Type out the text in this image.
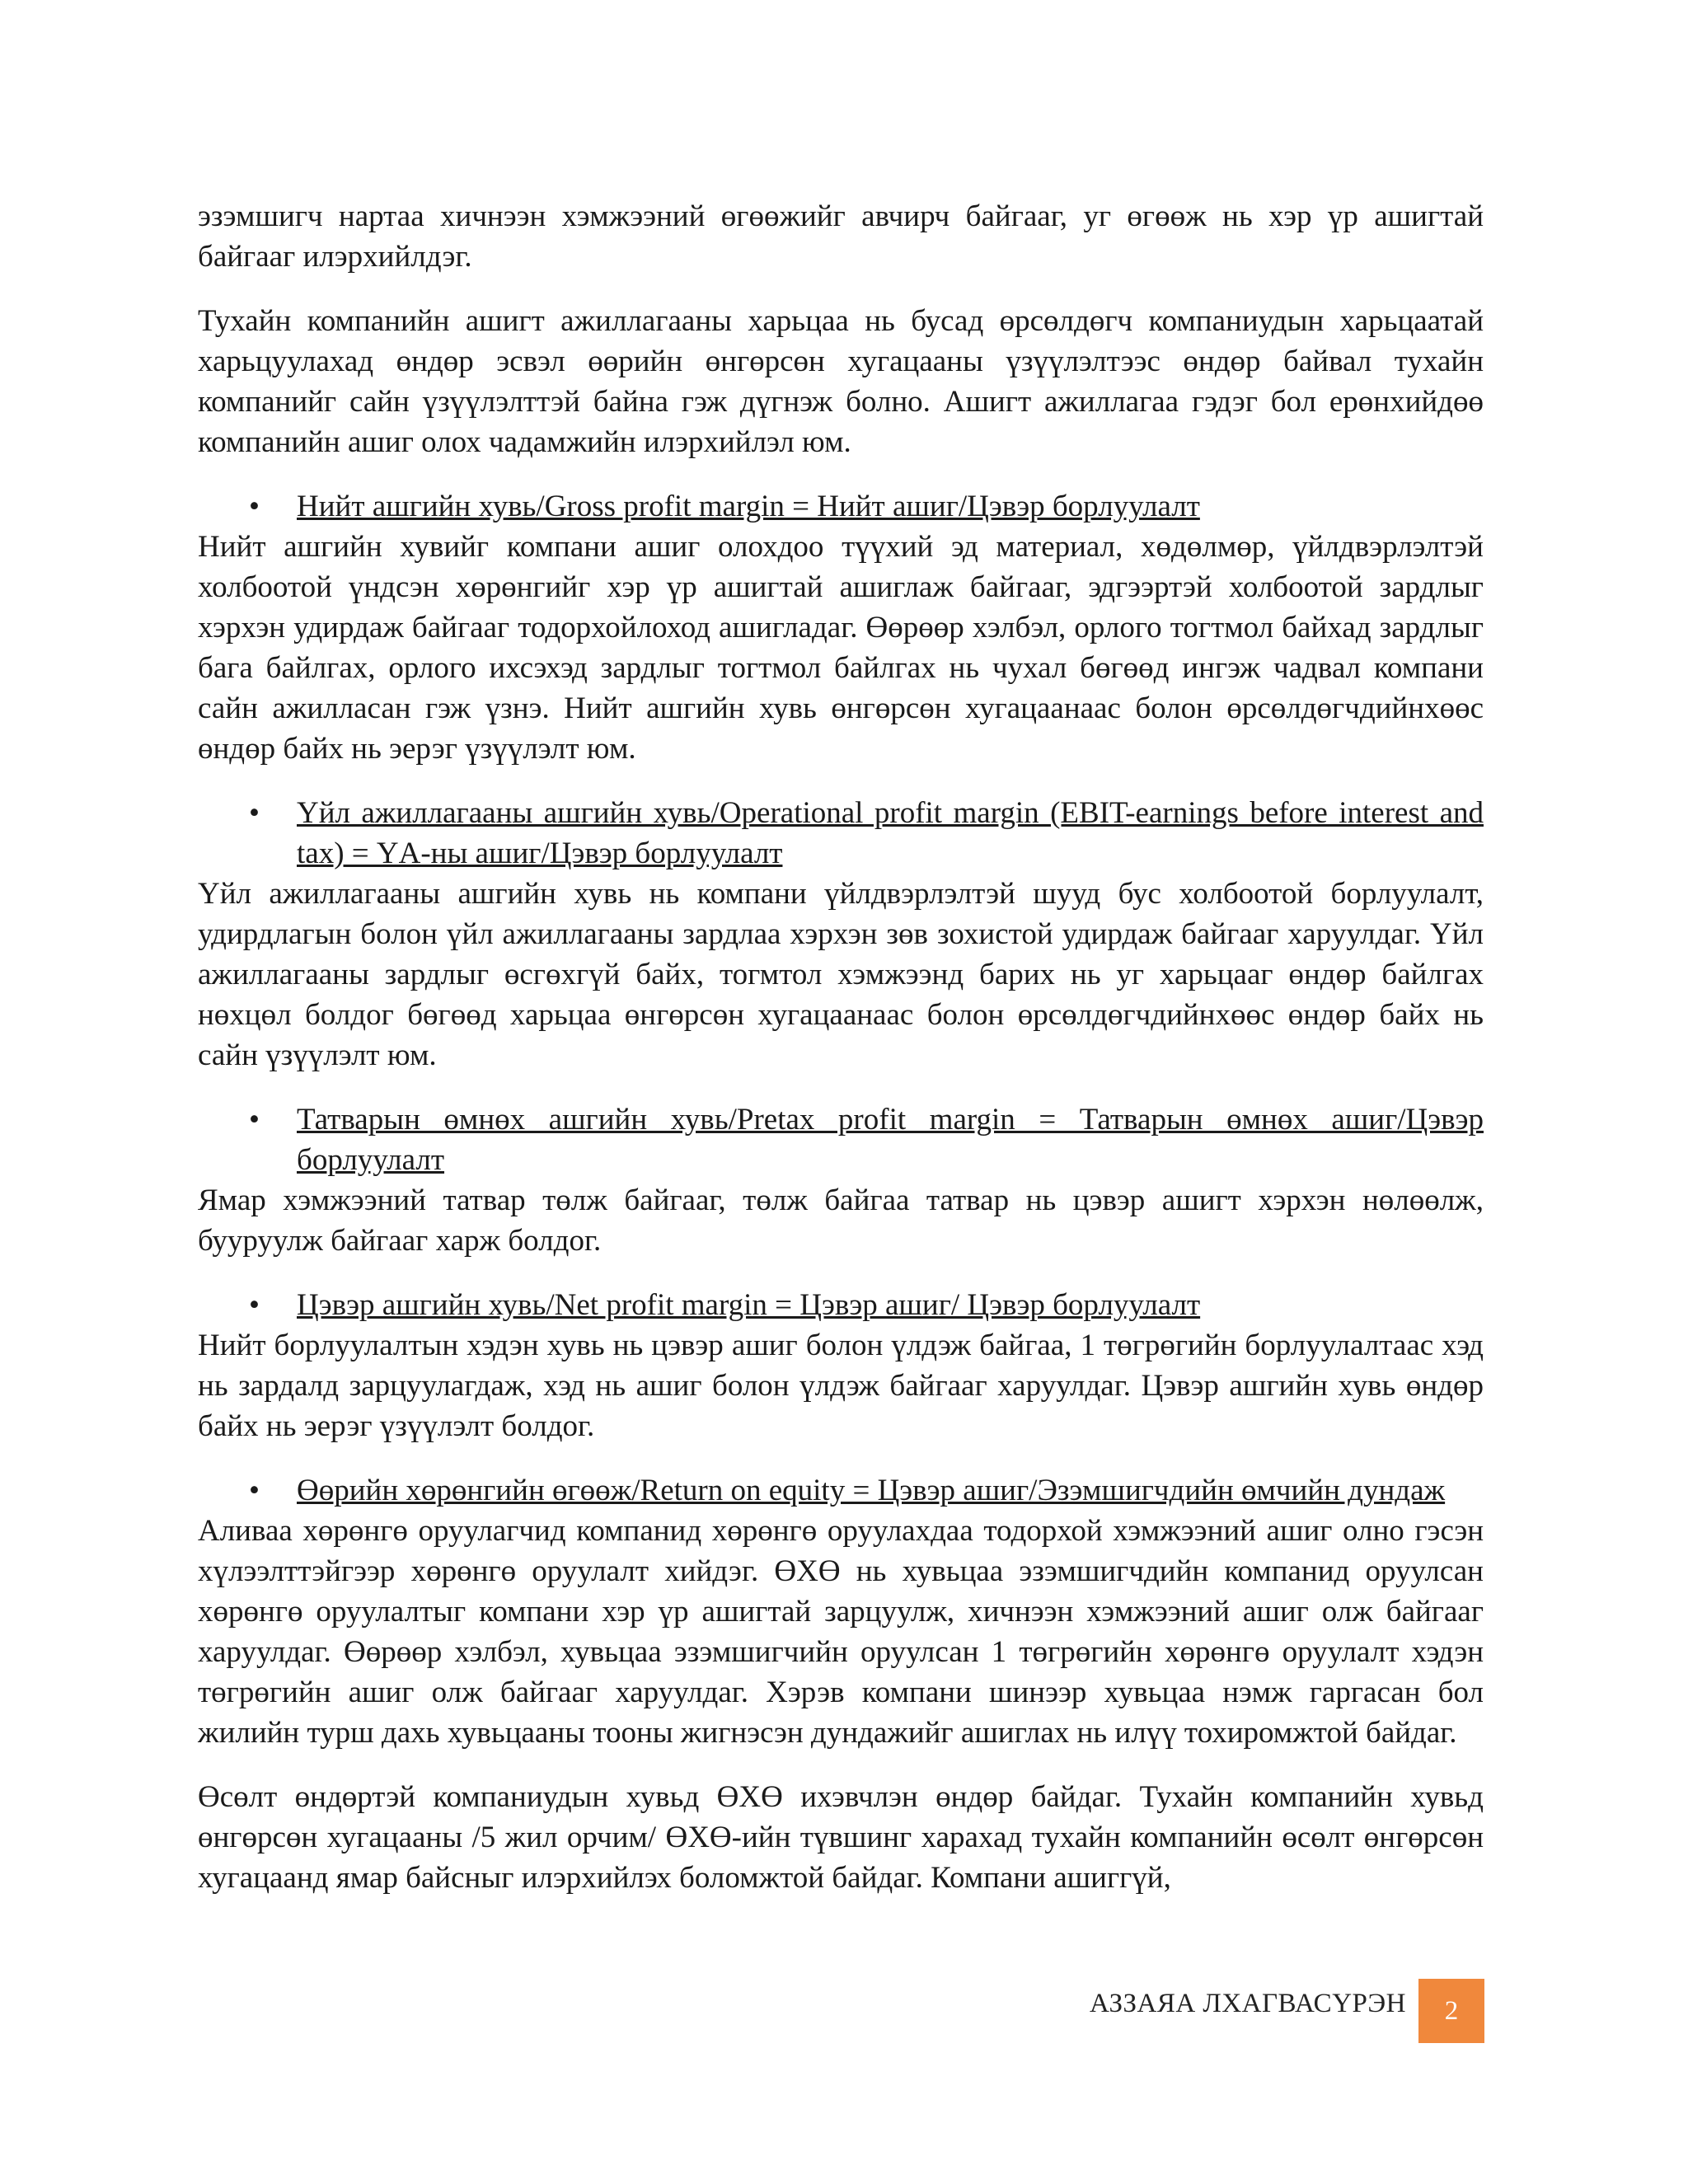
эзэмшигч нартаа хичнээн хэмжээний өгөөжийг авчирч байгааг, уг өгөөж нь хэр үр ашигтай байгааг илэрхийлдэг.

Тухайн компанийн ашигт ажиллагааны харьцаа нь бусад өрсөлдөгч компаниудын харьцаатай харьцуулахад өндөр эсвэл өөрийн өнгөрсөн хугацааны үзүүлэлтээс өндөр байвал тухайн компанийг сайн үзүүлэлттэй байна гэж дүгнэж болно. Ашигт ажиллагаа гэдэг бол ерөнхийдөө компанийн ашиг олох чадамжийн илэрхийлэл юм.

• Нийт ашгийн хувь/Gross profit margin = Нийт ашиг/Цэвэр борлуулалт

Нийт ашгийн хувийг компани ашиг олохдоо түүхий эд материал, хөдөлмөр, үйлдвэрлэлтэй холбоотой үндсэн хөрөнгийг хэр үр ашигтай ашиглаж байгааг, эдгээртэй холбоотой зардлыг хэрхэн удирдаж байгааг тодорхойлоход ашигладаг. Өөрөөр хэлбэл, орлого тогтмол байхад зардлыг бага байлгах, орлого ихсэхэд зардлыг тогтмол байлгах нь чухал бөгөөд ингэж чадвал компани сайн ажилласан гэж үзнэ. Нийт ашгийн хувь өнгөрсөн хугацаанаас болон өрсөлдөгчдийнхөөс өндөр байх нь эерэг үзүүлэлт юм.

• Үйл ажиллагааны ашгийн хувь/Operational profit margin (EBIT-earnings before interest and tax) = ҮА-ны ашиг/Цэвэр борлуулалт

Үйл ажиллагааны ашгийн хувь нь компани үйлдвэрлэлтэй шууд бус холбоотой борлуулалт, удирдлагын болон үйл ажиллагааны зардлаа хэрхэн зөв зохистой удирдаж байгааг харуулдаг. Үйл ажиллагааны зардлыг өсгөхгүй байх, тогмтол хэмжээнд барих нь уг харьцааг өндөр байлгах нөхцөл болдог бөгөөд харьцаа өнгөрсөн хугацаанаас болон өрсөлдөгчдийнхөөс өндөр байх нь сайн үзүүлэлт юм.

• Татварын өмнөх ашгийн хувь/Pretax profit margin = Татварын өмнөх ашиг/Цэвэр борлуулалт

Ямар хэмжээний татвар төлж байгааг, төлж байгаа татвар нь цэвэр ашигт хэрхэн нөлөөлж, бууруулж байгааг харж болдог.

• Цэвэр ашгийн хувь/Net profit margin = Цэвэр ашиг/ Цэвэр борлуулалт

Нийт борлуулалтын хэдэн хувь нь цэвэр ашиг болон үлдэж байгаа, 1 төгрөгийн борлуулалтаас хэд нь зардалд зарцуулагдаж, хэд нь ашиг болон үлдэж байгааг харуулдаг. Цэвэр ашгийн хувь өндөр байх нь эерэг үзүүлэлт болдог.

• Өөрийн хөрөнгийн өгөөж/Return on equity = Цэвэр ашиг/Эзэмшигчдийн өмчийн дундаж

Аливаа хөрөнгө оруулагчид компанид хөрөнгө оруулахдаа тодорхой хэмжээний ашиг олно гэсэн хүлээлттэйгээр хөрөнгө оруулалт хийдэг. ӨХӨ нь хувьцаа эзэмшигчдийн компанид оруулсан хөрөнгө оруулалтыг компани хэр үр ашигтай зарцуулж, хичнээн хэмжээний ашиг олж байгааг харуулдаг. Өөрөөр хэлбэл, хувьцаа эзэмшигчийн оруулсан 1 төгрөгийн хөрөнгө оруулалт хэдэн төгрөгийн ашиг олж байгааг харуулдаг. Хэрэв компани шинээр хувьцаа нэмж гаргасан бол жилийн турш дахь хувьцааны тооны жигнэсэн дундажийг ашиглах нь илүү тохиромжтой байдаг.

Өсөлт өндөртэй компаниудын хувьд ӨХӨ ихэвчлэн өндөр байдаг. Тухайн компанийн хувьд өнгөрсөн хугацааны /5 жил орчим/ ӨХӨ-ийн түвшинг харахад тухайн компанийн өсөлт өнгөрсөн хугацаанд ямар байсныг илэрхийлэх боломжтой байдаг. Компани ашиггүй,

АЗЗАЯА ЛХАГВАСҮРЭН	2
